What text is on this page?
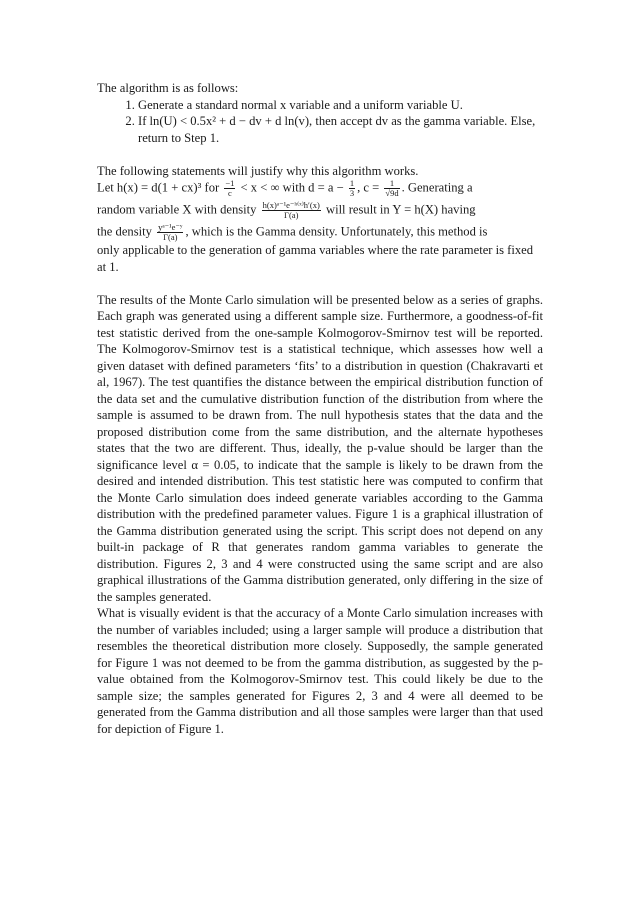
The algorithm is as follows:

1. Generate a standard normal x variable and a uniform variable U.
2. If ln(U) < 0.5x² + d − dv + d ln(v), then accept dv as the gamma variable. Else, return to Step 1.

The following statements will justify why this algorithm works.

Let h(x) = d(1 + cx)³ for $\frac{-1}{c} < x$ < ∞ with $d = a - \frac{1}{3}$ , $c = \frac{1}{√9d}$ . Generating a
random variable X with density $\frac{\text{h(x)ᵃ⁻¹e⁻ʰ⁽ˣ⁾h′(x)}}{\Gamma(a)}$ will result in Y = h(X) having
the density $\frac{\text{yᵃ⁻¹e⁻ʸ}}{\Gamma(a)}$ , which is the Gamma density. Unfortunately, this method is

only applicable to the generation of gamma variables where the rate parameter is fixed at 1.

The results of the Monte Carlo simulation will be presented below as a series of graphs. Each graph was generated using a different sample size. Furthermore, a goodness-of-fit test statistic derived from the one-sample Kolmogorov-Smirnov test will be reported. The Kolmogorov-Smirnov test is a statistical technique, which assesses how well a given dataset with defined parameters ‘fits’ to a distribution in question (Chakravarti et al, 1967). The test quantifies the distance between the empirical distribution function of the data set and the cumulative distribution function of the distribution from where the sample is assumed to be drawn from. The null hypothesis states that the data and the proposed distribution come from the same distribution, and the alternate hypotheses states that the two are different. Thus, ideally, the p-value should be larger than the significance level α = 0.05, to indicate that the sample is likely to be drawn from the desired and intended distribution. This test statistic here was computed to confirm that the Monte Carlo simulation does indeed generate variables according to the Gamma distribution with the predefined parameter values. Figure 1 is a graphical illustration of the Gamma distribution generated using the script. This script does not depend on any built-in package of R that generates random gamma variables to generate the distribution. Figures 2, 3 and 4 were constructed using the same script and are also graphical illustrations of the Gamma distribution generated, only differing in the size of the samples generated.

What is visually evident is that the accuracy of a Monte Carlo simulation increases with the number of variables included; using a larger sample will produce a distribution that resembles the theoretical distribution more closely. Supposedly, the sample generated for Figure 1 was not deemed to be from the gamma distribution, as suggested by the p-value obtained from the Kolmogorov-Smirnov test. This could likely be due to the sample size; the samples generated for Figures 2, 3 and 4 were all deemed to be generated from the Gamma distribution and all those samples were larger than that used for depiction of Figure 1.
